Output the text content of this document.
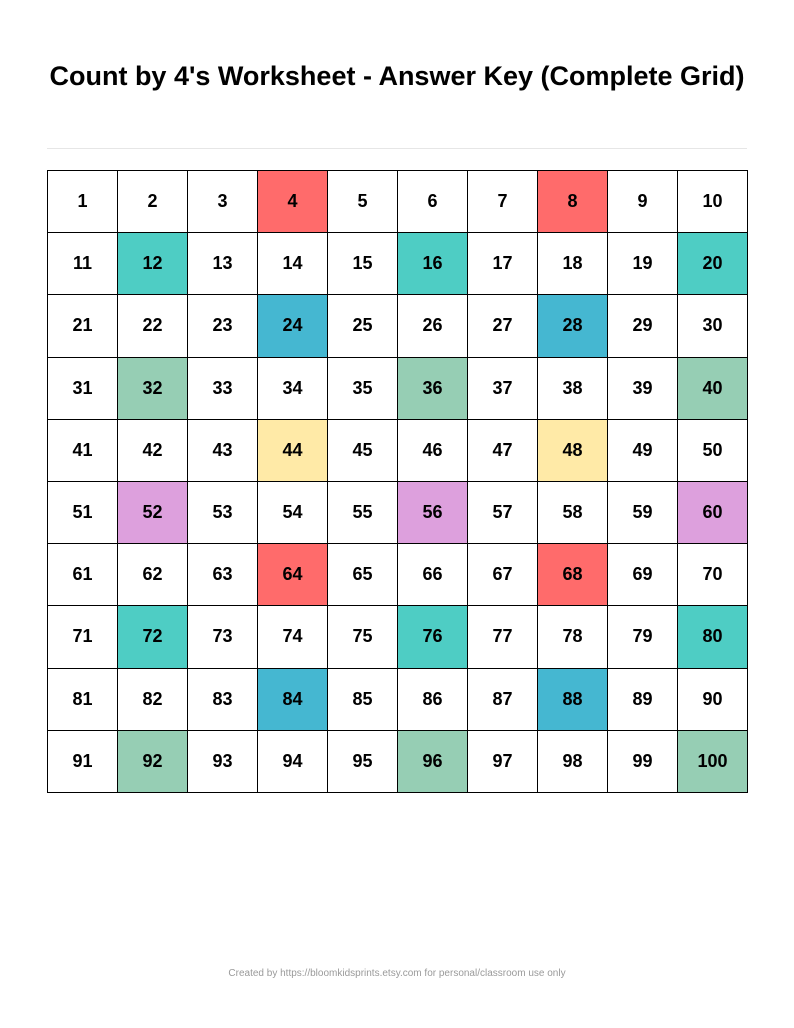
Count by 4's Worksheet - Answer Key (Complete Grid)
1	2	3	4	5	6	7	8	9	10
11	12	13	14	15	16	17	18	19	20
21	22	23	24	25	26	27	28	29	30
31	32	33	34	35	36	37	38	39	40
41	42	43	44	45	46	47	48	49	50
51	52	53	54	55	56	57	58	59	60
61	62	63	64	65	66	67	68	69	70
71	72	73	74	75	76	77	78	79	80
81	82	83	84	85	86	87	88	89	90
91	92	93	94	95	96	97	98	99	100
Created by https://bloomkidsprints.etsy.com for personal/classroom use only
